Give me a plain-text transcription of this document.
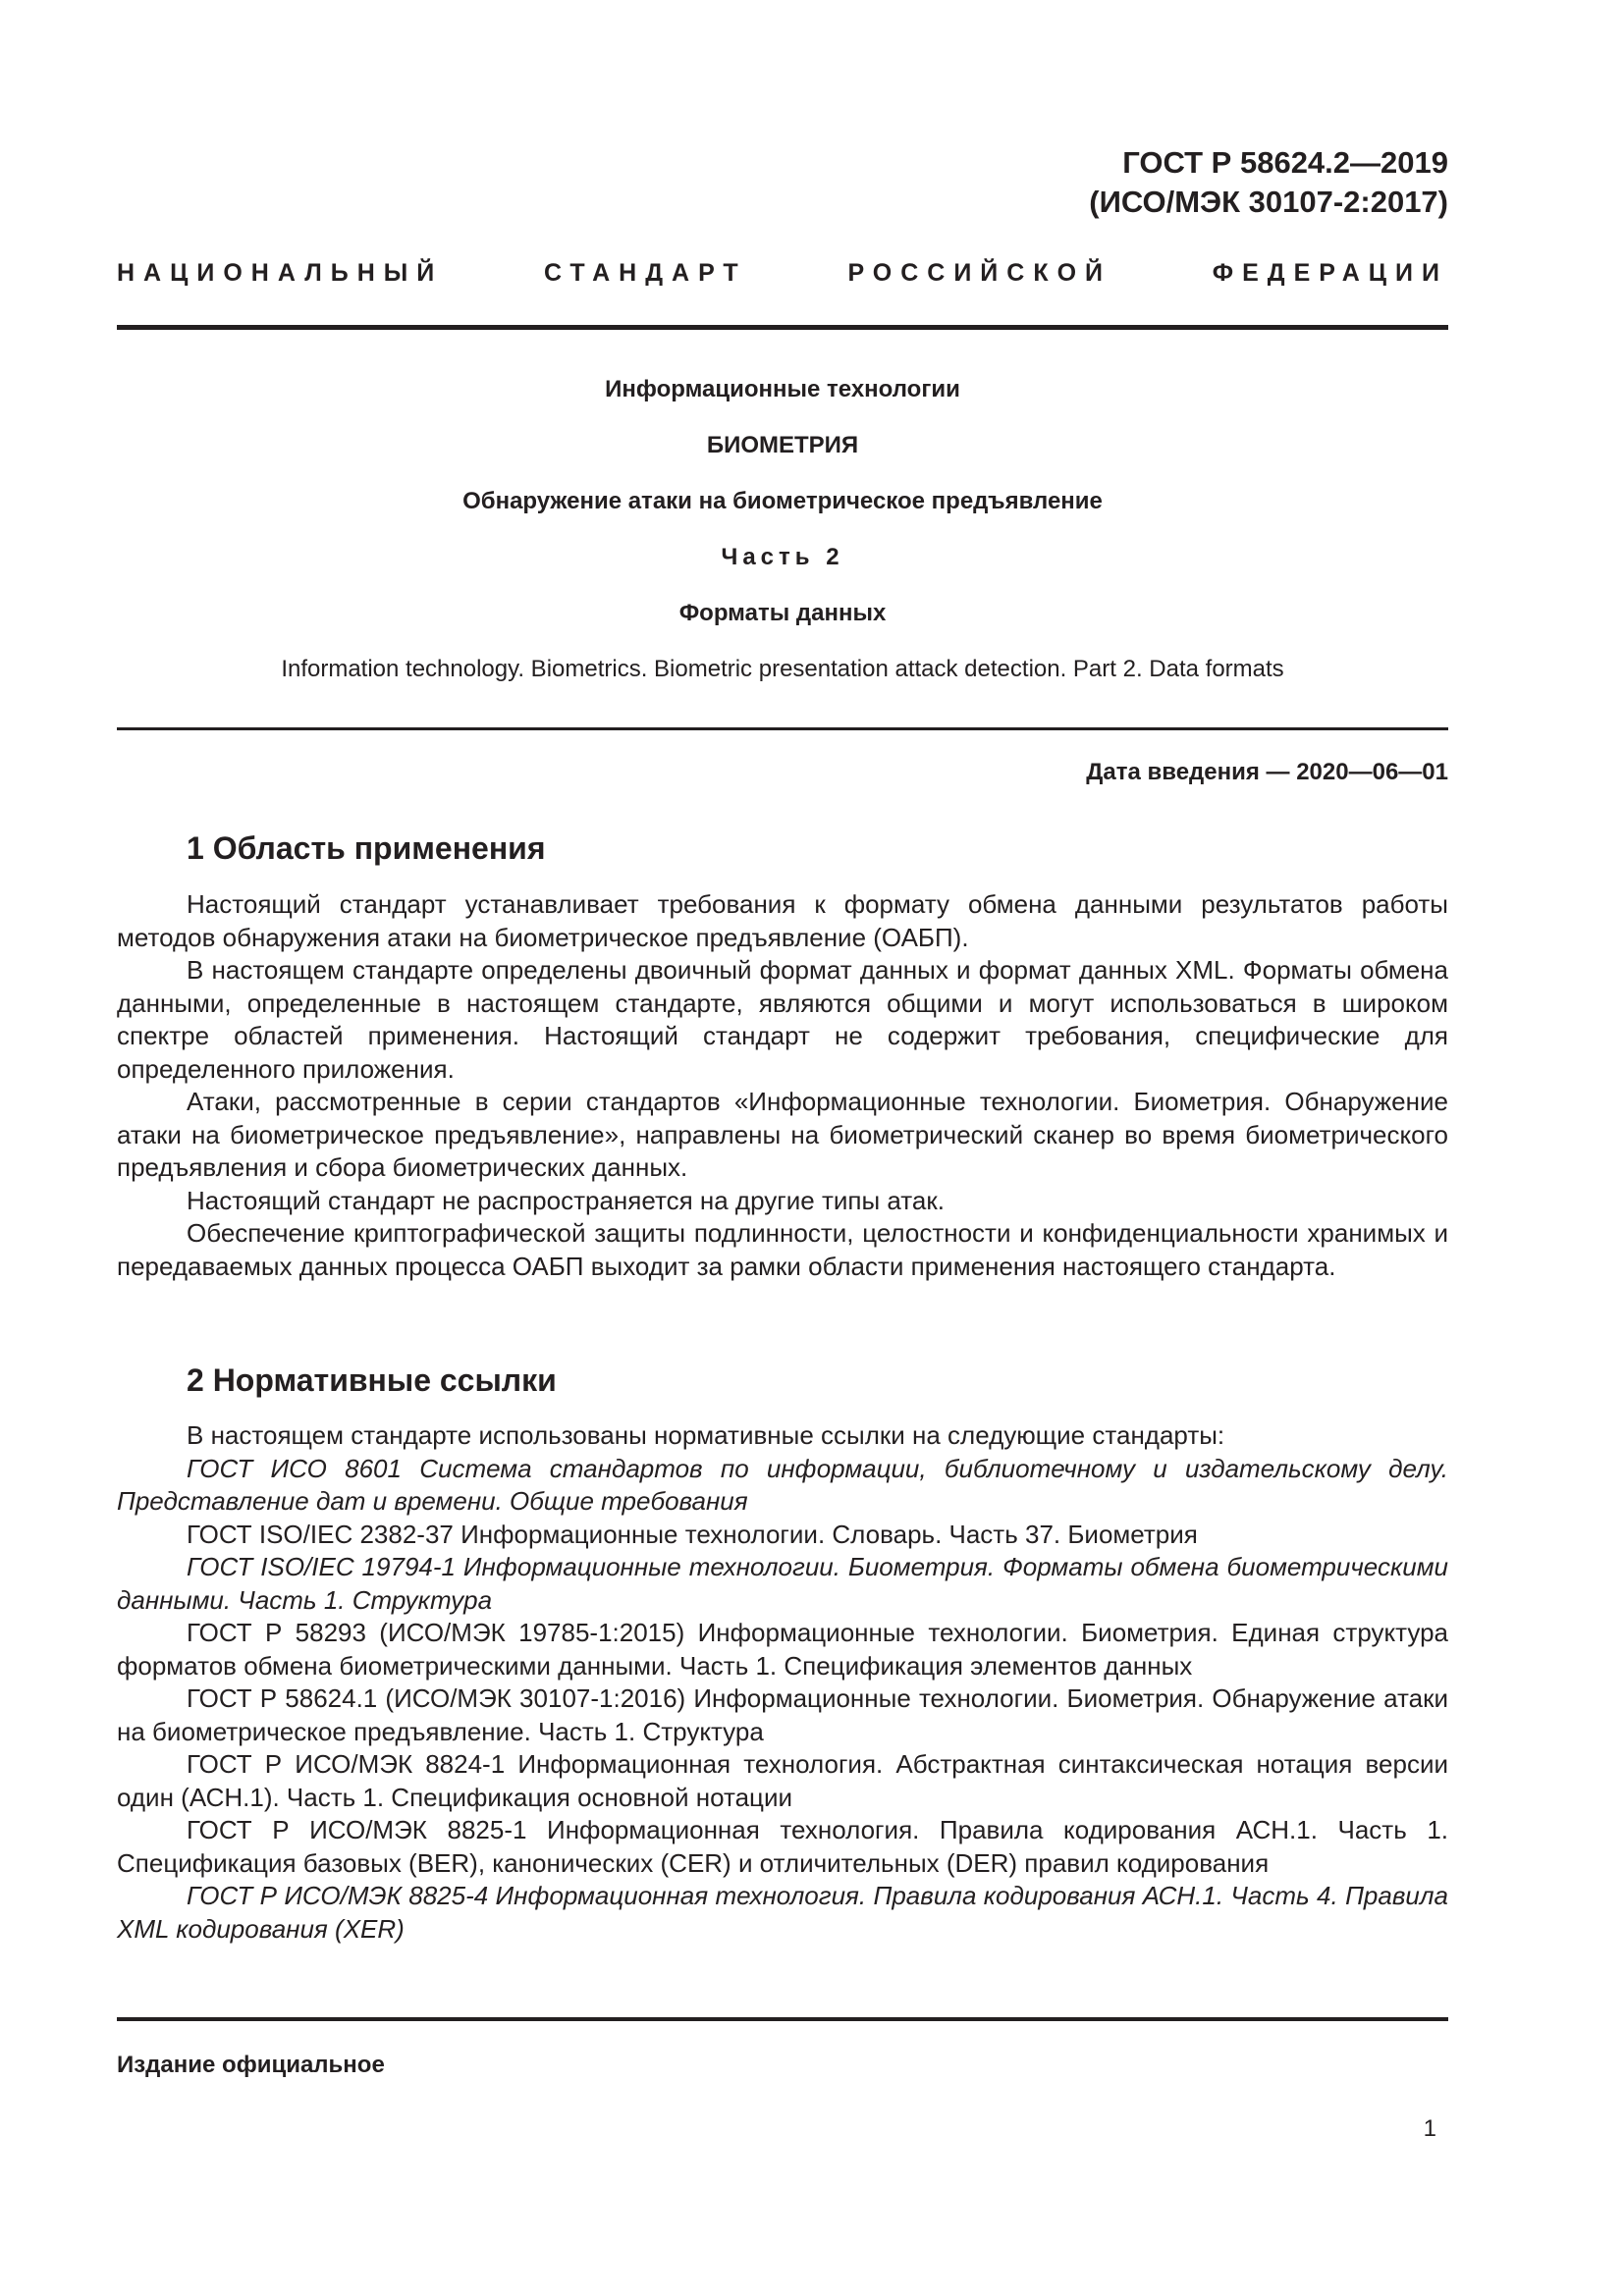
ГОСТ Р 58624.2—2019
(ИСО/МЭК 30107-2:2017)
НАЦИОНАЛЬНЫЙ СТАНДАРТ РОССИЙСКОЙ ФЕДЕРАЦИИ
Информационные технологии
БИОМЕТРИЯ
Обнаружение атаки на биометрическое предъявление
Часть 2
Форматы данных
Information technology. Biometrics. Biometric presentation attack detection. Part 2. Data formats
Дата введения — 2020—06—01
1 Область применения

Настоящий стандарт устанавливает требования к формату обмена данными результатов работы методов обнаружения атаки на биометрическое предъявление (ОАБП).

В настоящем стандарте определены двоичный формат данных и формат данных XML. Форматы обмена данными, определенные в настоящем стандарте, являются общими и могут использоваться в широком спектре областей применения. Настоящий стандарт не содержит требования, специфические для определенного приложения.

Атаки, рассмотренные в серии стандартов «Информационные технологии. Биометрия. Обнаружение атаки на биометрическое предъявление», направлены на биометрический сканер во время биометрического предъявления и сбора биометрических данных.

Настоящий стандарт не распространяется на другие типы атак.

Обеспечение криптографической защиты подлинности, целостности и конфиденциальности хранимых и передаваемых данных процесса ОАБП выходит за рамки области применения настоящего стандарта.

2 Нормативные ссылки

В настоящем стандарте использованы нормативные ссылки на следующие стандарты:

ГОСТ ИСО 8601 Система стандартов по информации, библиотечному и издательскому делу. Представление дат и времени. Общие требования

ГОСТ ISO/IEC 2382-37 Информационные технологии. Словарь. Часть 37. Биометрия

ГОСТ ISO/IEC 19794-1 Информационные технологии. Биометрия. Форматы обмена биометрическими данными. Часть 1. Структура

ГОСТ Р 58293 (ИСО/МЭК 19785-1:2015) Информационные технологии. Биометрия. Единая структура форматов обмена биометрическими данными. Часть 1. Спецификация элементов данных

ГОСТ Р 58624.1 (ИСО/МЭК 30107-1:2016) Информационные технологии. Биометрия. Обнаружение атаки на биометрическое предъявление. Часть 1. Структура

ГОСТ Р ИСО/МЭК 8824-1 Информационная технология. Абстрактная синтаксическая нотация версии один (АСН.1). Часть 1. Спецификация основной нотации

ГОСТ Р ИСО/МЭК 8825-1 Информационная технология. Правила кодирования АСН.1. Часть 1. Спецификация базовых (BER), канонических (CER) и отличительных (DER) правил кодирования

ГОСТ Р ИСО/МЭК 8825-4 Информационная технология. Правила кодирования АСН.1. Часть 4. Правила XML кодирования (XER)

Издание официальное
1
